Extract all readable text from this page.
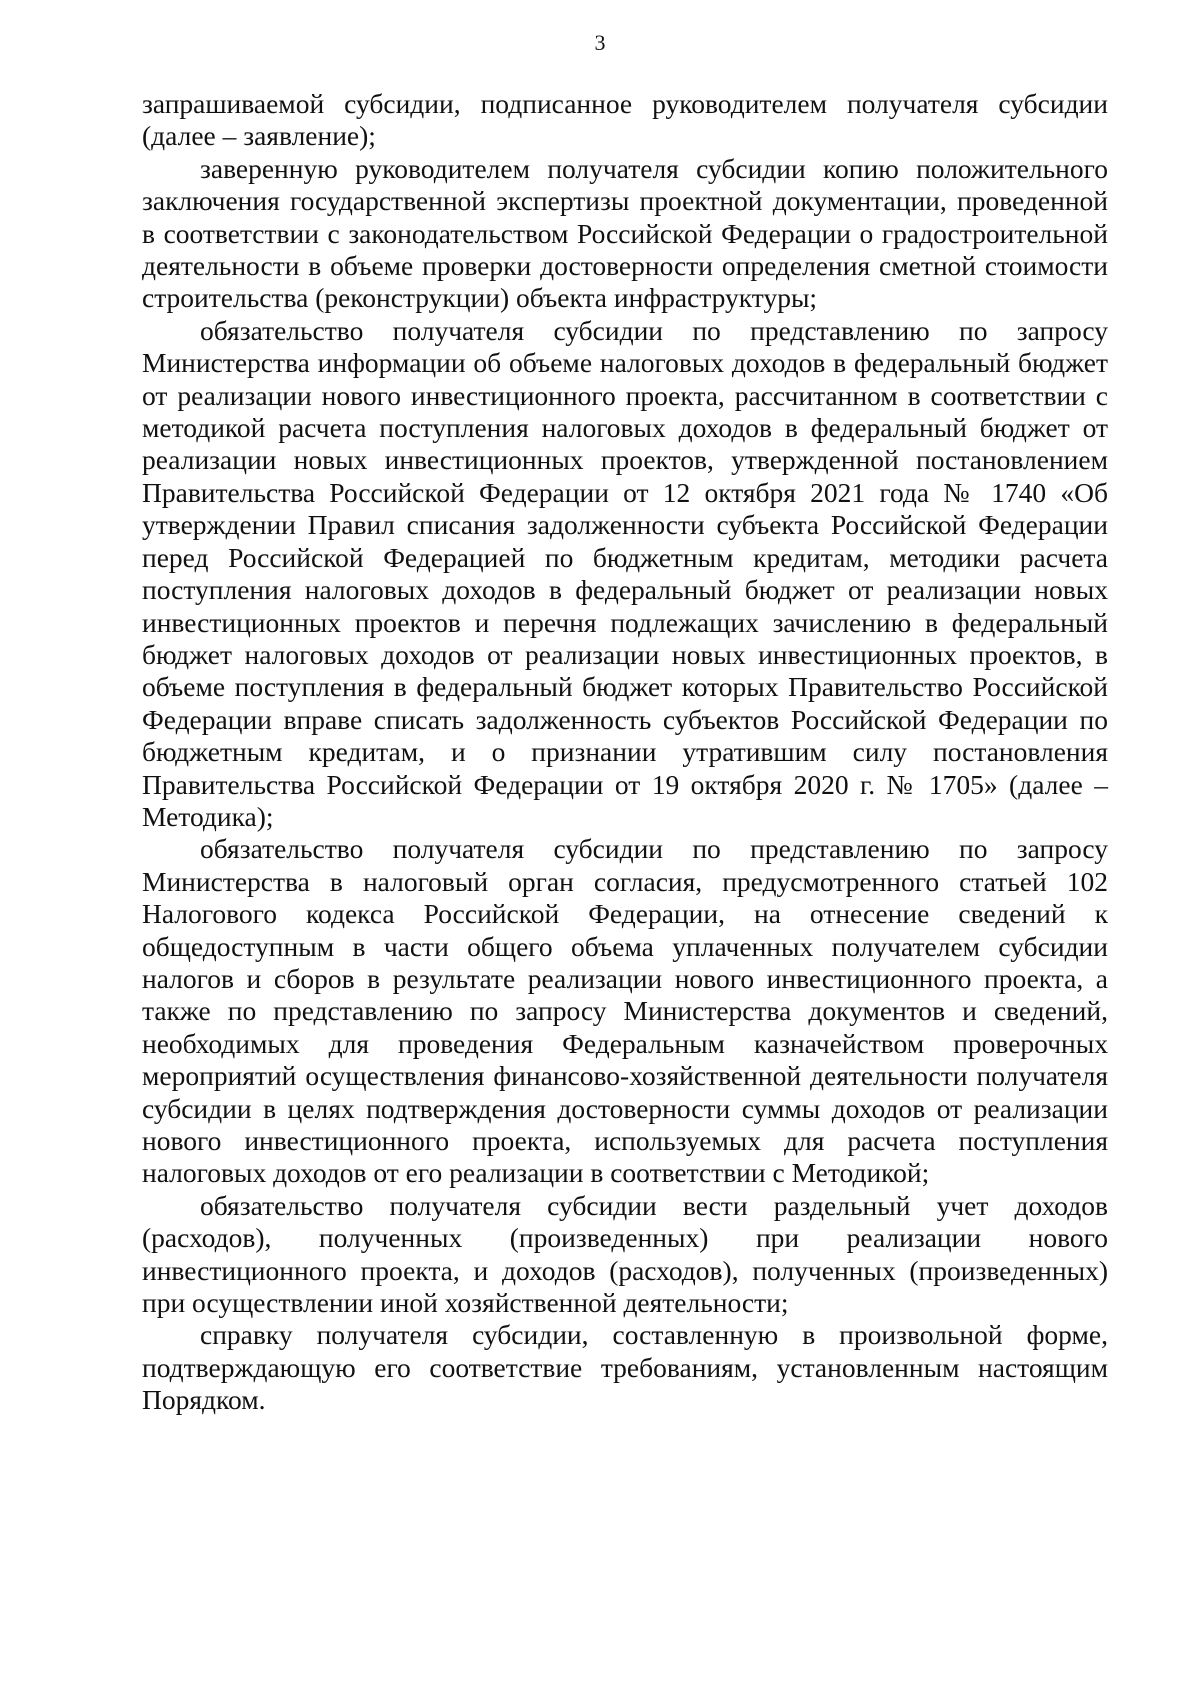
3

запрашиваемой субсидии, подписанное руководителем получателя субсидии (далее – заявление);

заверенную руководителем получателя субсидии копию положительного заключения государственной экспертизы проектной документации, проведенной в соответствии с законодательством Российской Федерации о градостроительной деятельности в объеме проверки достоверности определения сметной стоимости строительства (реконструкции) объекта инфраструктуры;

обязательство получателя субсидии по представлению по запросу Министерства информации об объеме налоговых доходов в федеральный бюджет от реализации нового инвестиционного проекта, рассчитанном в соответствии с методикой расчета поступления налоговых доходов в федеральный бюджет от реализации новых инвестиционных проектов, утвержденной постановлением Правительства Российской Федерации от 12 октября 2021 года № 1740 «Об утверждении Правил списания задолженности субъекта Российской Федерации перед Российской Федерацией по бюджетным кредитам, методики расчета поступления налоговых доходов в федеральный бюджет от реализации новых инвестиционных проектов и перечня подлежащих зачислению в федеральный бюджет налоговых доходов от реализации новых инвестиционных проектов, в объеме поступления в федеральный бюджет которых Правительство Российской Федерации вправе списать задолженность субъектов Российской Федерации по бюджетным кредитам, и о признании утратившим силу постановления Правительства Российской Федерации от 19 октября 2020 г. № 1705» (далее – Методика);

обязательство получателя субсидии по представлению по запросу Министерства в налоговый орган согласия, предусмотренного статьей 102 Налогового кодекса Российской Федерации, на отнесение сведений к общедоступным в части общего объема уплаченных получателем субсидии налогов и сборов в результате реализации нового инвестиционного проекта, а также по представлению по запросу Министерства документов и сведений, необходимых для проведения Федеральным казначейством проверочных мероприятий осуществления финансово-хозяйственной деятельности получателя субсидии в целях подтверждения достоверности суммы доходов от реализации нового инвестиционного проекта, используемых для расчета поступления налоговых доходов от его реализации в соответствии с Методикой;

обязательство получателя субсидии вести раздельный учет доходов (расходов), полученных (произведенных) при реализации нового инвестиционного проекта, и доходов (расходов), полученных (произведенных) при осуществлении иной хозяйственной деятельности;

справку получателя субсидии, составленную в произвольной форме, подтверждающую его соответствие требованиям, установленным настоящим Порядком.
